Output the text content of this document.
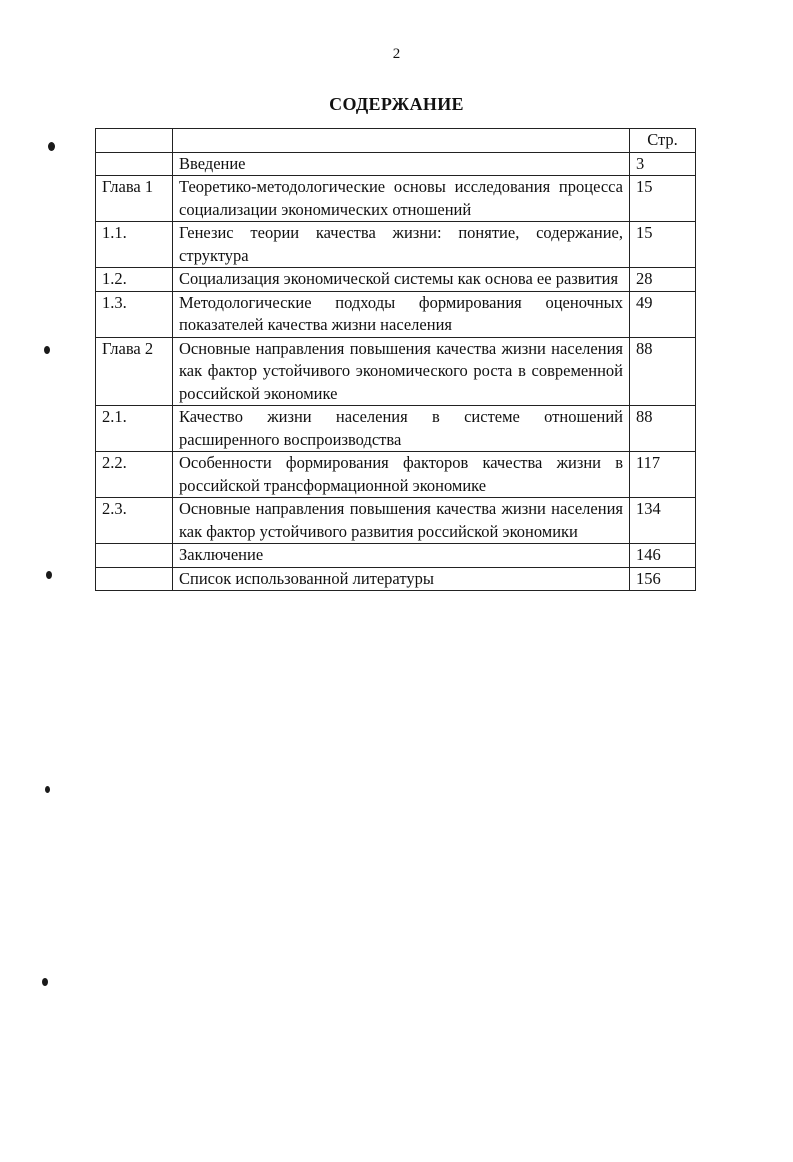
2
СОДЕРЖАНИЕ
		Стр.
	Введение	3
Глава 1	Теоретико-методологические основы исследования процесса социализации экономических отношений	15
1.1.	Генезис теории качества жизни: понятие, содержание, структура	15
1.2.	Социализация экономической системы как основа ее развития	28
1.3.	Методологические подходы формирования оценочных показателей качества жизни населения	49
Глава 2	Основные направления повышения качества жизни населения как фактор устойчивого экономического роста в современной российской экономике	88
2.1.	Качество жизни населения в системе отношений расширенного воспроизводства	88
2.2.	Особенности формирования факторов качества жизни в российской трансформационной экономике	117
2.3.	Основные направления повышения качества жизни населения как фактор устойчивого развития российской экономики	134
	Заключение	146
	Список использованной литературы	156
